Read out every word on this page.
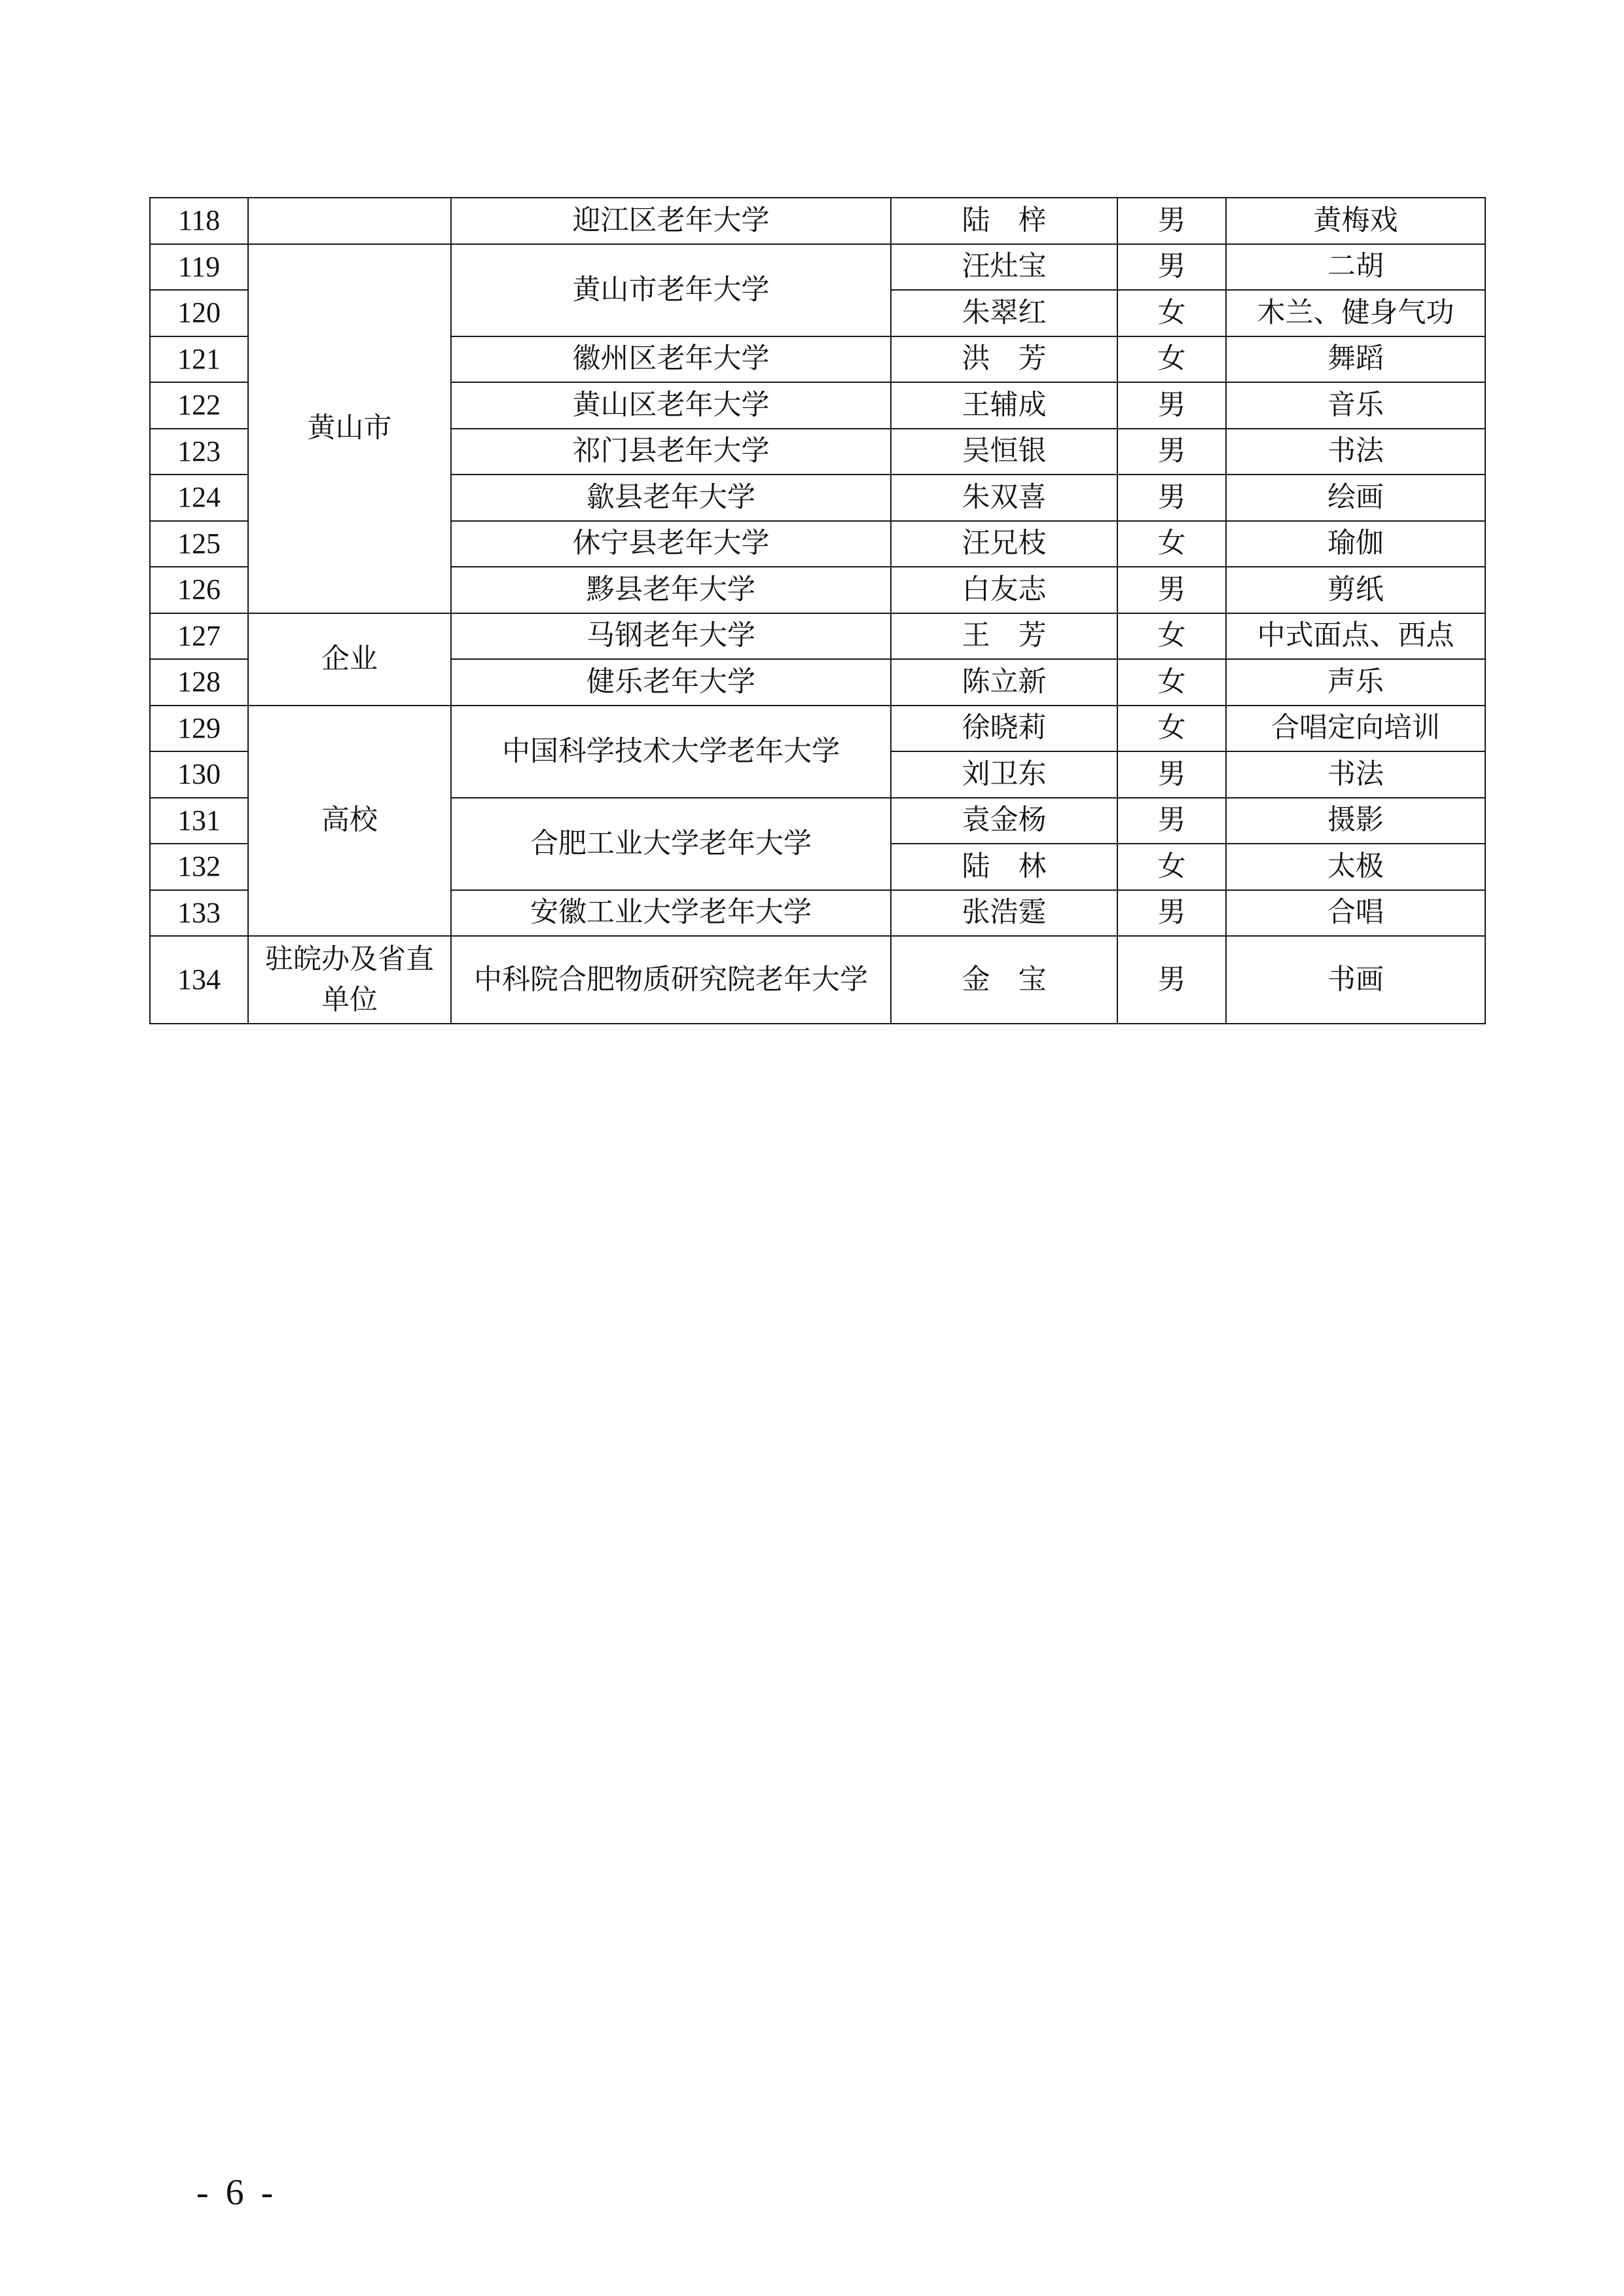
118		迎江区老年大学	陆　梓	男	黄梅戏
119	黄山市	黄山市老年大学	汪灶宝	男	二胡
120			朱翠红	女	木兰、健身气功
121		徽州区老年大学	洪　芳	女	舞蹈
122		黄山区老年大学	王辅成	男	音乐
123		祁门县老年大学	吴恒银	男	书法
124		歙县老年大学	朱双喜	男	绘画
125		休宁县老年大学	汪兄枝	女	瑜伽
126		黟县老年大学	白友志	男	剪纸
127	企业	马钢老年大学	王　芳	女	中式面点、西点
128		健乐老年大学	陈立新	女	声乐
129	高校	中国科学技术大学老年大学	徐晓莉	女	合唱定向培训
130			刘卫东	男	书法
131		合肥工业大学老年大学	袁金杨	男	摄影
132			陆　林	女	太极
133		安徽工业大学老年大学	张浩霆	男	合唱
134	驻皖办及省直单位	中科院合肥物质研究院老年大学	金　宝	男	书画
- 6 -
